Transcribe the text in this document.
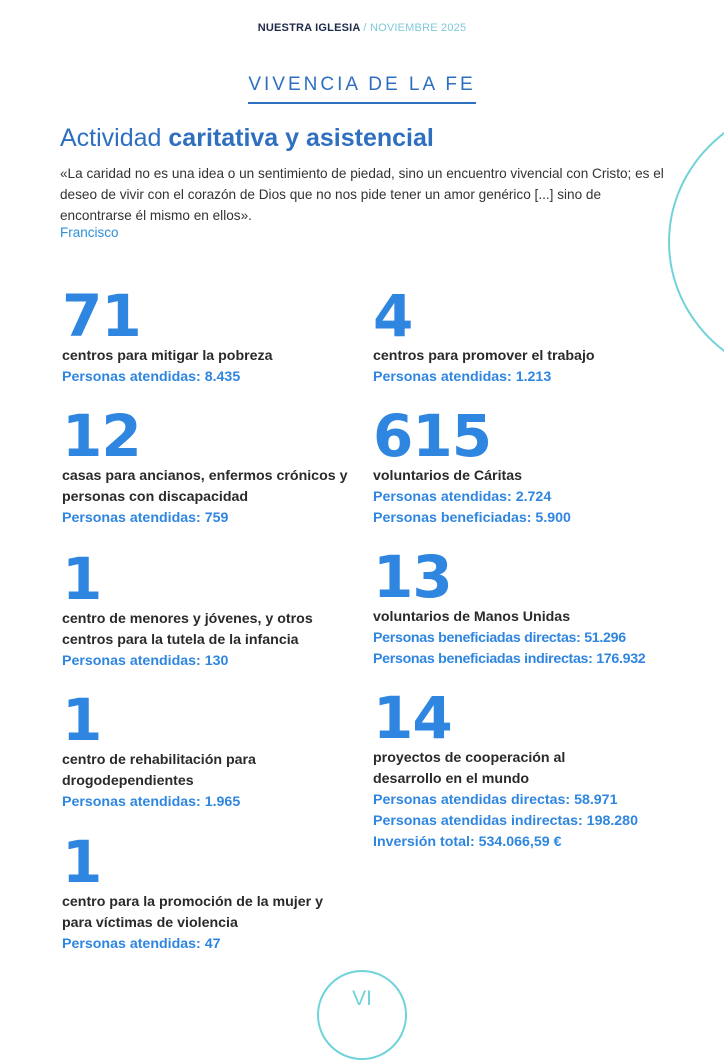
NUESTRA IGLESIA / NOVIEMBRE 2025
VIVENCIA DE LA FE
Actividad caritativa y asistencial
«La caridad no es una idea o un sentimiento de piedad, sino un encuentro vivencial con Cristo; es el deseo de vivir con el corazón de Dios que no nos pide tener un amor genérico [...] sino de encontrarse él mismo en ellos».
Francisco
71
centros para mitigar la pobreza
Personas atendidas: 8.435
12
casas para ancianos, enfermos crónicos y personas con discapacidad
Personas atendidas: 759
1
centro de menores y jóvenes, y otros centros para la tutela de la infancia
Personas atendidas: 130
1
centro de rehabilitación para drogodependientes
Personas atendidas: 1.965
1
centro para la promoción de la mujer y para víctimas de violencia
Personas atendidas: 47
4
centros para promover el trabajo
Personas atendidas: 1.213
615
voluntarios de Cáritas
Personas atendidas: 2.724
Personas beneficiadas: 5.900
13
voluntarios de Manos Unidas
Personas beneficiadas directas: 51.296
Personas beneficiadas indirectas: 176.932
14
proyectos de cooperación al desarrollo en el mundo
Personas atendidas directas: 58.971
Personas atendidas indirectas: 198.280
Inversión total: 534.066,59 €
VI
